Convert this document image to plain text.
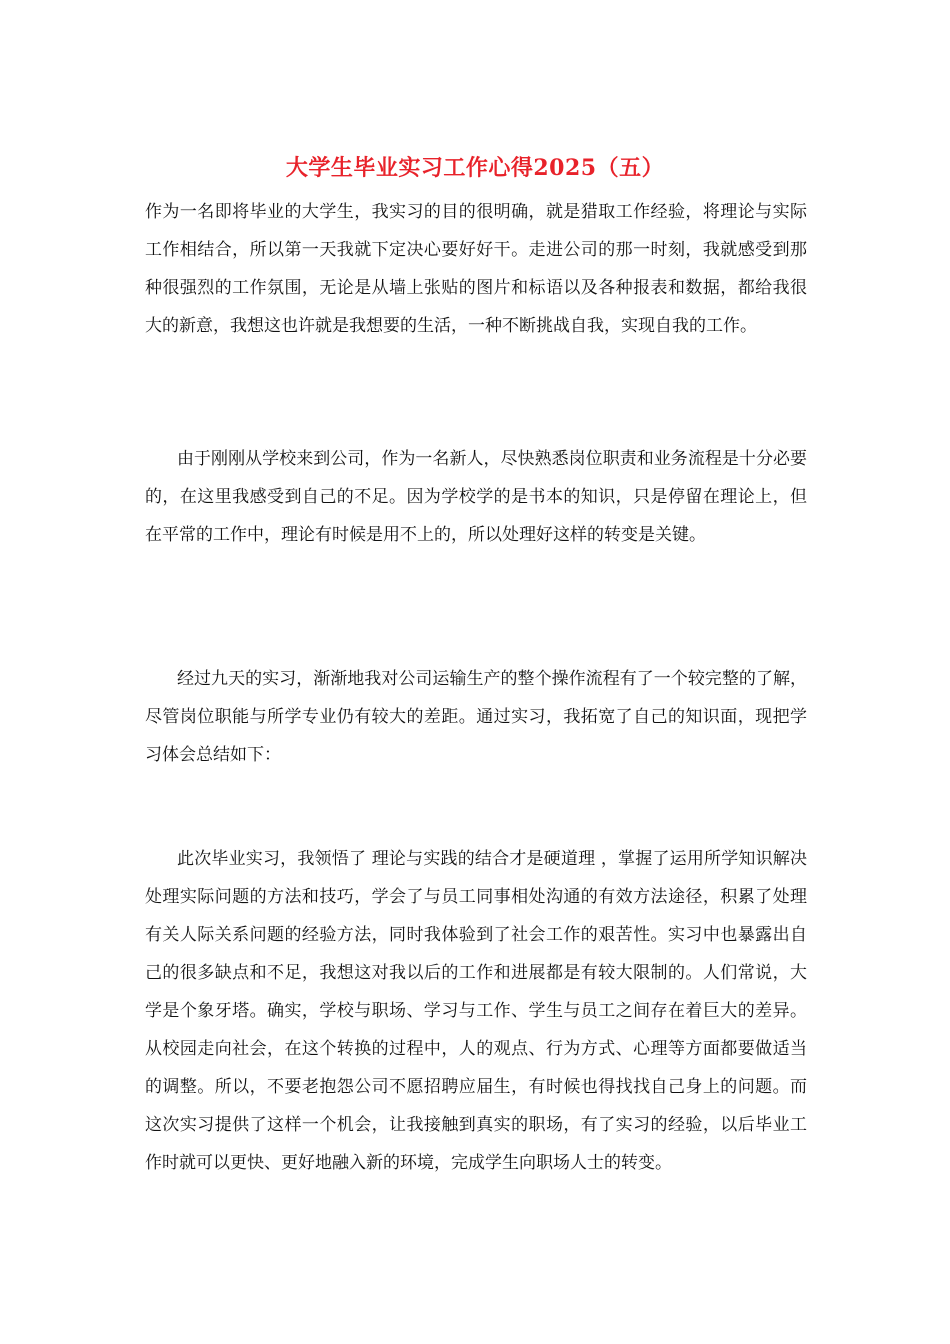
大学生毕业实习工作心得2025（五）

作为一名即将毕业的大学生，我实习的目的很明确，就是猎取工作经验，将理论与实际工作相结合，所以第一天我就下定决心要好好干。走进公司的那一时刻，我就感受到那种很强烈的工作氛围，无论是从墙上张贴的图片和标语以及各种报表和数据，都给我很大的新意，我想这也许就是我想要的生活，一种不断挑战自我，实现自我的工作。

由于刚刚从学校来到公司，作为一名新人，尽快熟悉岗位职责和业务流程是十分必要的，在这里我感受到自己的不足。因为学校学的是书本的知识，只是停留在理论上，但在平常的工作中，理论有时候是用不上的，所以处理好这样的转变是关键。

经过九天的实习，渐渐地我对公司运输生产的整个操作流程有了一个较完整的了解，尽管岗位职能与所学专业仍有较大的差距。通过实习，我拓宽了自己的知识面，现把学习体会总结如下：

此次毕业实习，我领悟了 理论与实践的结合才是硬道理 ，掌握了运用所学知识解决处理实际问题的方法和技巧，学会了与员工同事相处沟通的有效方法途径，积累了处理有关人际关系问题的经验方法，同时我体验到了社会工作的艰苦性。实习中也暴露出自己的很多缺点和不足，我想这对我以后的工作和进展都是有较大限制的。人们常说，大学是个象牙塔。确实，学校与职场、学习与工作、学生与员工之间存在着巨大的差异。从校园走向社会，在这个转换的过程中，人的观点、行为方式、心理等方面都要做适当的调整。所以，不要老抱怨公司不愿招聘应届生，有时候也得找找自己身上的问题。而这次实习提供了这样一个机会，让我接触到真实的职场，有了实习的经验，以后毕业工作时就可以更快、更好地融入新的环境，完成学生向职场人士的转变。
